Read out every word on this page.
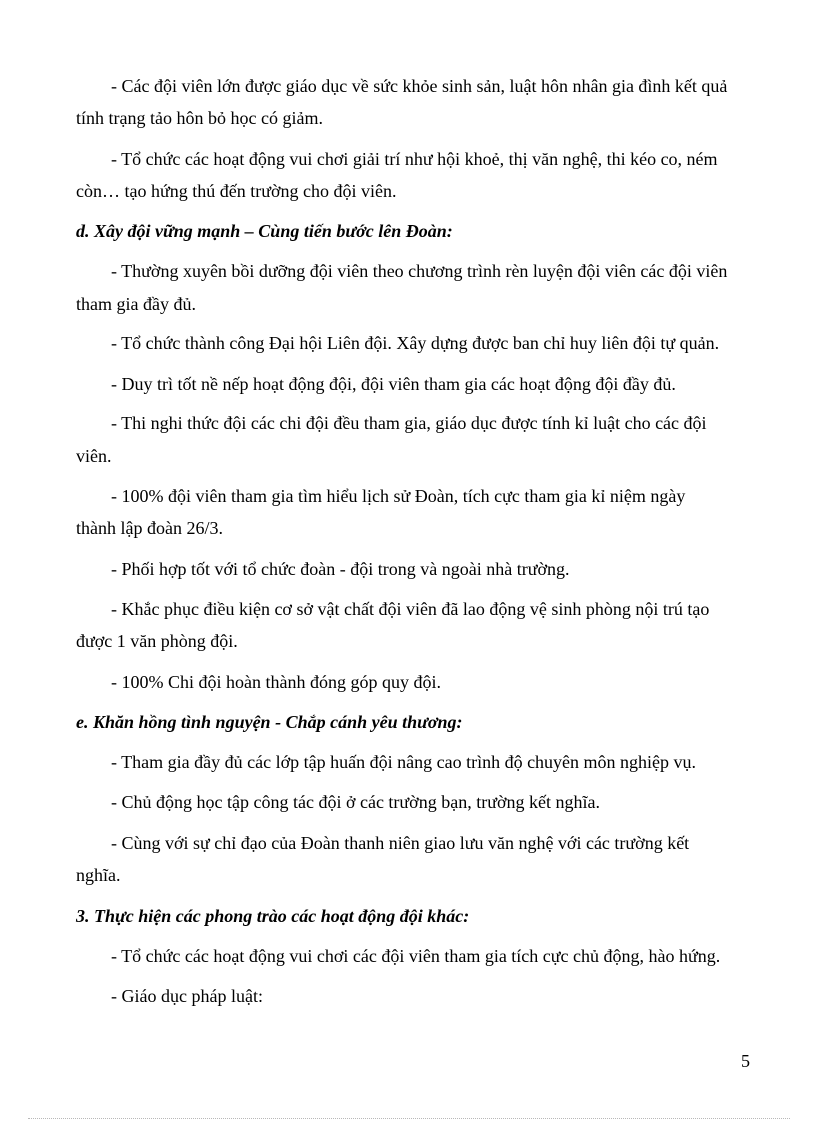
- Các đội viên lớn được giáo dục về sức khỏe sinh sản, luật hôn nhân gia đình kết quả
tính trạng tảo hôn bỏ học có giảm.
- Tổ chức các hoạt động vui chơi giải trí như hội khoẻ, thị văn nghệ, thi kéo co, ném
còn… tạo hứng thú đến trường cho đội viên.
d. Xây đội vững mạnh – Cùng tiến bước lên Đoàn:
- Thường xuyên bồi dưỡng đội viên theo chương trình rèn luyện đội viên các đội viên
tham gia đầy đủ.
- Tổ chức thành công Đại hội Liên đội. Xây dựng được ban chỉ huy liên đội tự quản.
- Duy trì tốt nề nếp hoạt động đội, đội viên tham gia các hoạt động đội đầy đủ.
- Thi nghi thức đội các chi đội đều tham gia, giáo dục được tính kỉ luật cho các đội
viên.
- 100% đội viên tham gia tìm hiểu lịch sử Đoàn, tích cực tham gia kỉ niệm ngày
thành lập đoàn 26/3.
- Phối hợp tốt với tổ chức đoàn - đội trong và ngoài nhà trường.
- Khắc phục điều kiện cơ sở vật chất đội viên đã lao động vệ sinh phòng nội trú tạo
được 1 văn phòng đội.
- 100% Chi đội hoàn thành đóng góp quy đội.
e. Khăn hồng tình nguyện - Chắp cánh yêu thương:
- Tham gia đầy đủ các lớp tập huấn đội nâng cao trình độ chuyên môn nghiệp vụ.
- Chủ động học tập công tác đội ở các trường bạn, trường kết nghĩa.
- Cùng với sự chỉ đạo của Đoàn thanh niên giao lưu văn nghệ với các trường kết
nghĩa.
3. Thực hiện các phong trào các hoạt động đội khác:
- Tổ chức các hoạt động vui chơi các đội viên tham gia tích cực chủ động, hào hứng.
- Giáo dục pháp luật:
5
